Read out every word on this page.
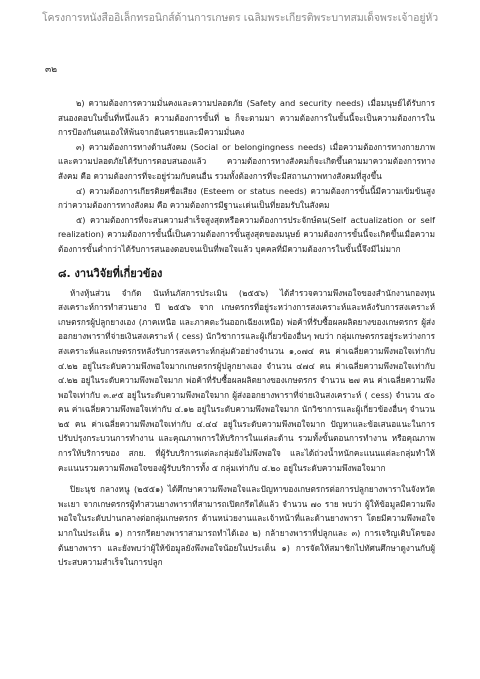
โครงการหนังสืออิเล็กทรอนิกส์ด้านการเกษตร เฉลิมพระเกียรติพระบาทสมเด็จพระเจ้าอยู่หัว
๓๒

๒) ความต้องการความมั่นคงและความปลอดภัย (Safety and security needs) เมื่อมนุษย์ได้รับการสนองตอบในขั้นที่หนึ่งแล้ว ความต้องการขั้นที่ ๒ ก็จะตามมา ความต้องการในขั้นนี้จะเป็นความต้องการในการป้องกันตนเองให้พ้นจากอันตรายและมีความมั่นคง

๓) ความต้องการทางด้านสังคม (Social or belongingness needs) เมื่อความต้องการทางกายภาพและความปลอดภัยได้รับการตอบสนองแล้ว ความต้องการทางสังคมก็จะเกิดขึ้นตามมาความต้องการทางสังคม คือ ความต้องการที่จะอยู่ร่วมกับคนอื่น รวมทั้งต้องการที่จะมีสถานภาพทางสังคมที่สูงขึ้น

๔) ความต้องการเกียรติยศชื่อเสียง (Esteem or status needs) ความต้องการขั้นนี้มีความเข้มข้นสูงกว่าความต้องการทางสังคม คือ ความต้องการมีฐานะเด่นเป็นที่ยอมรับในสังคม

๕) ความต้องการที่จะสนความสำเร็จสูงสุดหรือความต้องการประจักษ์ตน(Self actualization or self realization) ความต้องการขั้นนี้เป็นความต้องการขั้นสูงสุดของมนุษย์ ความต้องการขั้นนี้จะเกิดขึ้นเมื่อความต้องการขั้นต่ำกว่าได้รับการสนองตอบจนเป็นที่พอใจแล้ว บุคคลที่มีความต้องการในขั้นนี้จึงมีไม่มาก

๘. งานวิจัยที่เกี่ยวข้อง

ห้างหุ้นส่วน จำกัด นันท์นภัสการประเมิน (๒๕๕๖) ได้สำรวจความพึงพอใจของสำนักงานกองทุนสงเคราะห์การทำสวนยาง ปี ๒๕๕๖ จาก เกษตรกรที่อยู่ระหว่างการสงเคราะห์และหลังรับการสงเคราะห์ เกษตรกรผู้ปลูกยางเอง (ภาคเหนือ และภาคตะวันออกเฉียงเหนือ) พ่อค้าที่รับซื้อผลผลิตยางของเกษตรกร ผู้ส่งออกยางพาราที่จ่ายเงินสงเคราะห์ ( cess) นักวิชาการและผู้เกี่ยวข้องอื่นๆ พบว่า กลุ่มเกษตรกรอยู่ระหว่างการสงเคราะห์และเกษตรกรหลังรับการสงเคราะห์กลุ่มตัวอย่างจำนวน ๑,๐๗๔ คน ค่าเฉลี่ยความพึงพอใจเท่ากับ ๔.๒๒ อยู่ในระดับความพึงพอใจมากเกษตรกรผู้ปลูกยางเอง จำนวน ๔๗๔ คน ค่าเฉลี่ยความพึงพอใจเท่ากับ ๔.๒๒ อยู่ในระดับความพึงพอใจมาก พ่อค้าที่รับซื้อผลผลิตยางของเกษตรกร จำนวน ๒๗ คน ค่าเฉลี่ยความพึงพอใจเท่ากับ ๓.๙๕ อยู่ในระดับความพึงพอใจมาก ผู้ส่งออกยางพาราที่จ่ายเงินสงเคราะห์ ( cess) จำนวน ๕๐ คน ค่าเฉลี่ยความพึงพอใจเท่ากับ ๔.๑๒ อยู่ในระดับความพึงพอใจมาก นักวิชาการและผู้เกี่ยวข้องอื่นๆ จำนวน ๒๕ คน ค่าเฉลี่ยความพึงพอใจเท่ากับ ๔.๔๔ อยู่ในระดับความพึงพอใจมาก ปัญหาและข้อเสนอแนะในการปรับปรุงกระบวนการทำงาน และคุณภาพการให้บริการในแต่ละด้าน รวมทั้งขั้นตอนการทำงาน หรือคุณภาพการให้บริการของ สกย. ที่ผู้รับบริการแต่ละกลุ่มยังไม่พึงพอใจ และได้ถ่วงน้ำหนักคะแนนแต่ละกลุ่มทำให้คะแนนรวมความพึงพอใจของผู้รับบริการทั้ง ๕ กลุ่มเท่ากับ ๔.๒๐ อยู่ในระดับความพึงพอใจมาก

ปิยะนุช กลางหนู (๒๕๕๑) ได้ศึกษาความพึงพอใจและปัญหาของเกษตรกรต่อการปลูกยางพาราในจังหวัดพะเยา จากเกษตรกรผู้ทำสวนยางพาราที่สามารถเปิดกรีดได้แล้ว จำนวน ๗๐ ราย พบว่า ผู้ให้ข้อมูลมีความพึงพอใจในระดับปานกลางต่อกลุ่มเกษตรกร ด้านหน่วยงานและเจ้าหน้าที่และด้านยางพารา โดยมีความพึงพอใจมากในประเด็น ๑) การกรีดยางพาราสามารถทำได้เอง ๒) กล้ายางพาราที่ปลูกและ ๓) การเจริญเติบโตของต้นยางพารา และยังพบว่าผู้ให้ข้อมูลยังพึงพอใจน้อยในประเด็น ๑) การจัดให้สมาชิกไปทัศนศึกษาดูงานกับผู้ประสบความสำเร็จในการปลูก
